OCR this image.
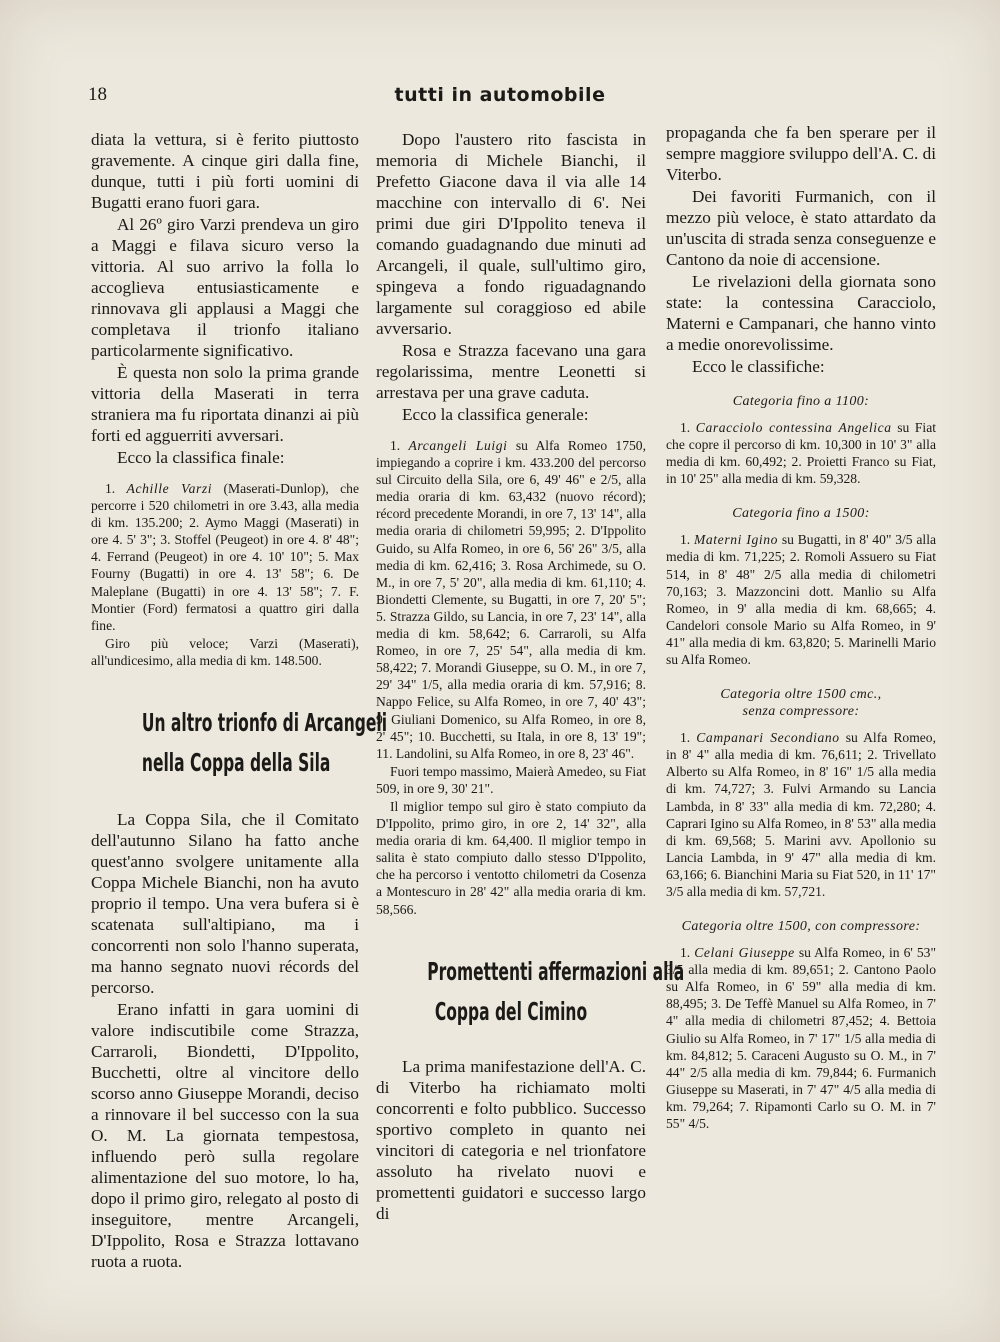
18	tutti in automobile

diata la vettura, si è ferito piuttosto gravemente. A cinque giri dalla fine, dunque, tutti i più forti uomini di Bugatti erano fuori gara.

Al 26º giro Varzi prendeva un giro a Maggi e filava sicuro verso la vittoria. Al suo arrivo la folla lo accoglieva entusiasticamente e rinnovava gli applausi a Maggi che completava il trionfo italiano particolarmente significativo.

È questa non solo la prima grande vittoria della Maserati in terra straniera ma fu riportata dinanzi ai più forti ed agguerriti avversari.

Ecco la classifica finale:

1. Achille Varzi (Maserati-Dunlop), che percorre i 520 chilometri in ore 3.43, alla media di km. 135.200; 2. Aymo Maggi (Maserati) in ore 4. 5' 3"; 3. Stoffel (Peugeot) in ore 4. 8' 48"; 4. Ferrand (Peugeot) in ore 4. 10' 10"; 5. Max Fourny (Bugatti) in ore 4. 13' 58"; 6. De Maleplane (Bugatti) in ore 4. 13' 58"; 7. F. Montier (Ford) fermatosi a quattro giri dalla fine.

Giro più veloce; Varzi (Maserati), all'undicesimo, alla media di km. 148.500.

Un altro trionfo di Arcangeli

nella Coppa della Sila

La Coppa Sila, che il Comitato dell'autunno Silano ha fatto anche quest'anno svolgere unitamente alla Coppa Michele Bianchi, non ha avuto proprio il tempo. Una vera bufera si è scatenata sull'altipiano, ma i concorrenti non solo l'hanno superata, ma hanno segnato nuovi récords del percorso.

Erano infatti in gara uomini di valore indiscutibile come Strazza, Carraroli, Biondetti, D'Ippolito, Bucchetti, oltre al vincitore dello scorso anno Giuseppe Morandi, deciso a rinnovare il bel successo con la sua O. M. La giornata tempestosa, influendo però sulla regolare alimentazione del suo motore, lo ha, dopo il primo giro, relegato al posto di inseguitore, mentre Arcangeli, D'Ippolito, Rosa e Strazza lottavano ruota a ruota.

Dopo l'austero rito fascista in memoria di Michele Bianchi, il Prefetto Giacone dava il via alle 14 macchine con intervallo di 6'. Nei primi due giri D'Ippolito teneva il comando guadagnando due minuti ad Arcangeli, il quale, sull'ultimo giro, spingeva a fondo riguadagnando largamente sul coraggioso ed abile avversario.

Rosa e Strazza facevano una gara regolarissima, mentre Leonetti si arrestava per una grave caduta.

Ecco la classifica generale:

1. Arcangeli Luigi su Alfa Romeo 1750, impiegando a coprire i km. 433.200 del percorso sul Circuito della Sila, ore 6, 49' 46" e 2/5, alla media oraria di km. 63,432 (nuovo récord); récord precedente Morandi, in ore 7, 13' 14", alla media oraria di chilometri 59,995; 2. D'Ippolito Guido, su Alfa Romeo, in ore 6, 56' 26" 3/5, alla media di km. 62,416; 3. Rosa Archimede, su O. M., in ore 7, 5' 20", alla media di km. 61,110; 4. Biondetti Clemente, su Bugatti, in ore 7, 20' 5"; 5. Strazza Gildo, su Lancia, in ore 7, 23' 14", alla media di km. 58,642; 6. Carraroli, su Alfa Romeo, in ore 7, 25' 54", alla media di km. 58,422; 7. Morandi Giuseppe, su O. M., in ore 7, 29' 34" 1/5, alla media oraria di km. 57,916; 8. Nappo Felice, su Alfa Romeo, in ore 7, 40' 43"; 9. Giuliani Domenico, su Alfa Romeo, in ore 8, 2' 45"; 10. Bucchetti, su Itala, in ore 8, 13' 19"; 11. Landolini, su Alfa Romeo, in ore 8, 23' 46".

Fuori tempo massimo, Maierà Amedeo, su Fiat 509, in ore 9, 30' 21".

Il miglior tempo sul giro è stato compiuto da D'Ippolito, primo giro, in ore 2, 14' 32", alla media oraria di km. 64,400. Il miglior tempo in salita è stato compiuto dallo stesso D'Ippolito, che ha percorso i ventotto chilometri da Cosenza a Montescuro in 28' 42" alla media oraria di km. 58,566.

Promettenti affermazioni alla

Coppa del Cimino

La prima manifestazione dell'A. C. di Viterbo ha richiamato molti concorrenti e folto pubblico. Successo sportivo completo in quanto nei vincitori di categoria e nel trionfatore assoluto ha rivelato nuovi e promettenti guidatori e successo largo di

propaganda che fa ben sperare per il sempre maggiore sviluppo dell'A. C. di Viterbo.

Dei favoriti Furmanich, con il mezzo più veloce, è stato attardato da un'uscita di strada senza conseguenze e Cantono da noie di accensione.

Le rivelazioni della giornata sono state: la contessina Caracciolo, Materni e Campanari, che hanno vinto a medie onorevolissime.

Ecco le classifiche:

Categoria fino a 1100:

1. Caracciolo contessina Angelica su Fiat che copre il percorso di km. 10,300 in 10' 3" alla media di km. 60,492; 2. Proietti Franco su Fiat, in 10' 25" alla media di km. 59,328.

Categoria fino a 1500:

1. Materni Igino su Bugatti, in 8' 40" 3/5 alla media di km. 71,225; 2. Romoli Assuero su Fiat 514, in 8' 48" 2/5 alla media di chilometri 70,163; 3. Mazzoncini dott. Manlio su Alfa Romeo, in 9' alla media di km. 68,665; 4. Candelori console Mario su Alfa Romeo, in 9' 41" alla media di km. 63,820; 5. Marinelli Mario su Alfa Romeo.

Categoria oltre 1500 cmc.,

senza compressore:

1. Campanari Secondiano su Alfa Romeo, in 8' 4" alla media di km. 76,611; 2. Trivellato Alberto su Alfa Romeo, in 8' 16" 1/5 alla media di km. 74,727; 3. Fulvi Armando su Lancia Lambda, in 8' 33" alla media di km. 72,280; 4. Caprari Igino su Alfa Romeo, in 8' 53" alla media di km. 69,568; 5. Marini avv. Apollonio su Lancia Lambda, in 9' 47" alla media di km. 63,166; 6. Bianchini Maria su Fiat 520, in 11' 17" 3/5 alla media di km. 57,721.

Categoria oltre 1500, con compressore:

1. Celani Giuseppe su Alfa Romeo, in 6' 53" 3/5 alla media di km. 89,651; 2. Cantono Paolo su Alfa Romeo, in 6' 59" alla media di km. 88,495; 3. De Teffè Manuel su Alfa Romeo, in 7' 4" alla media di chilometri 87,452; 4. Bettoia Giulio su Alfa Romeo, in 7' 17" 1/5 alla media di km. 84,812; 5. Caraceni Augusto su O. M., in 7' 44" 2/5 alla media di km. 79,844; 6. Furmanich Giuseppe su Maserati, in 7' 47" 4/5 alla media di km. 79,264; 7. Ripamonti Carlo su O. M. in 7' 55" 4/5.
